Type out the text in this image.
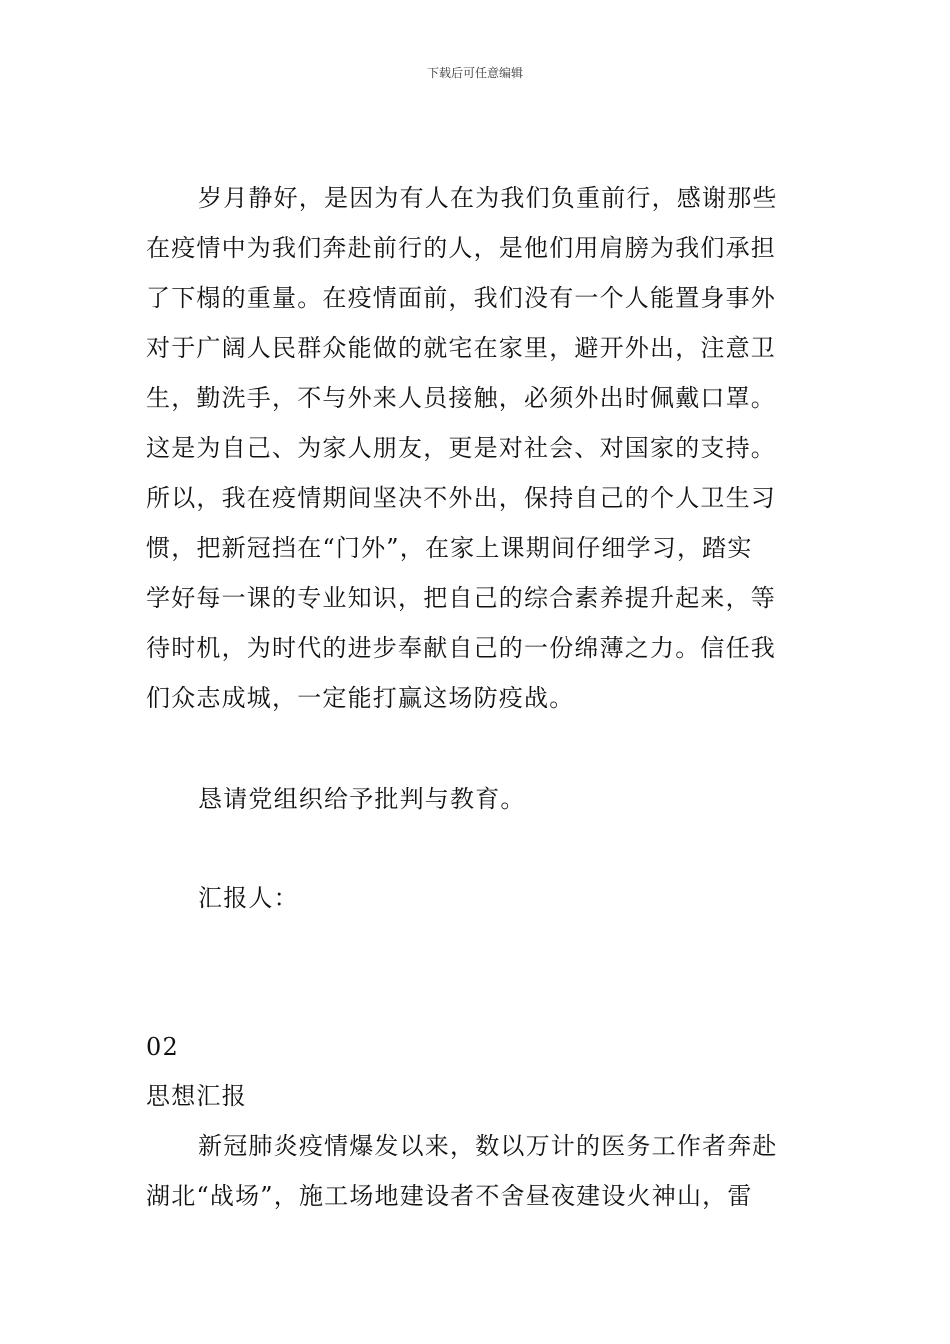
下载后可任意编辑
岁月静好，是因为有人在为我们负重前行，感谢那些
在疫情中为我们奔赴前行的人，是他们用肩膀为我们承担
了下榻的重量。在疫情面前，我们没有一个人能置身事外
对于广阔人民群众能做的就宅在家里，避开外出，注意卫
生，勤洗手，不与外来人员接触，必须外出时佩戴口罩。
这是为自己、为家人朋友，更是对社会、对国家的支持。
所以，我在疫情期间坚决不外出，保持自己的个人卫生习
惯，把新冠挡在“门外”，在家上课期间仔细学习，踏实
学好每一课的专业知识，把自己的综合素养提升起来，等
待时机，为时代的进步奉献自己的一份绵薄之力。信任我
们众志成城，一定能打赢这场防疫战。
恳请党组织给予批判与教育。
汇报人：
02
思想汇报
新冠肺炎疫情爆发以来，数以万计的医务工作者奔赴
湖北“战场”，施工场地建设者不舍昼夜建设火神山，雷
